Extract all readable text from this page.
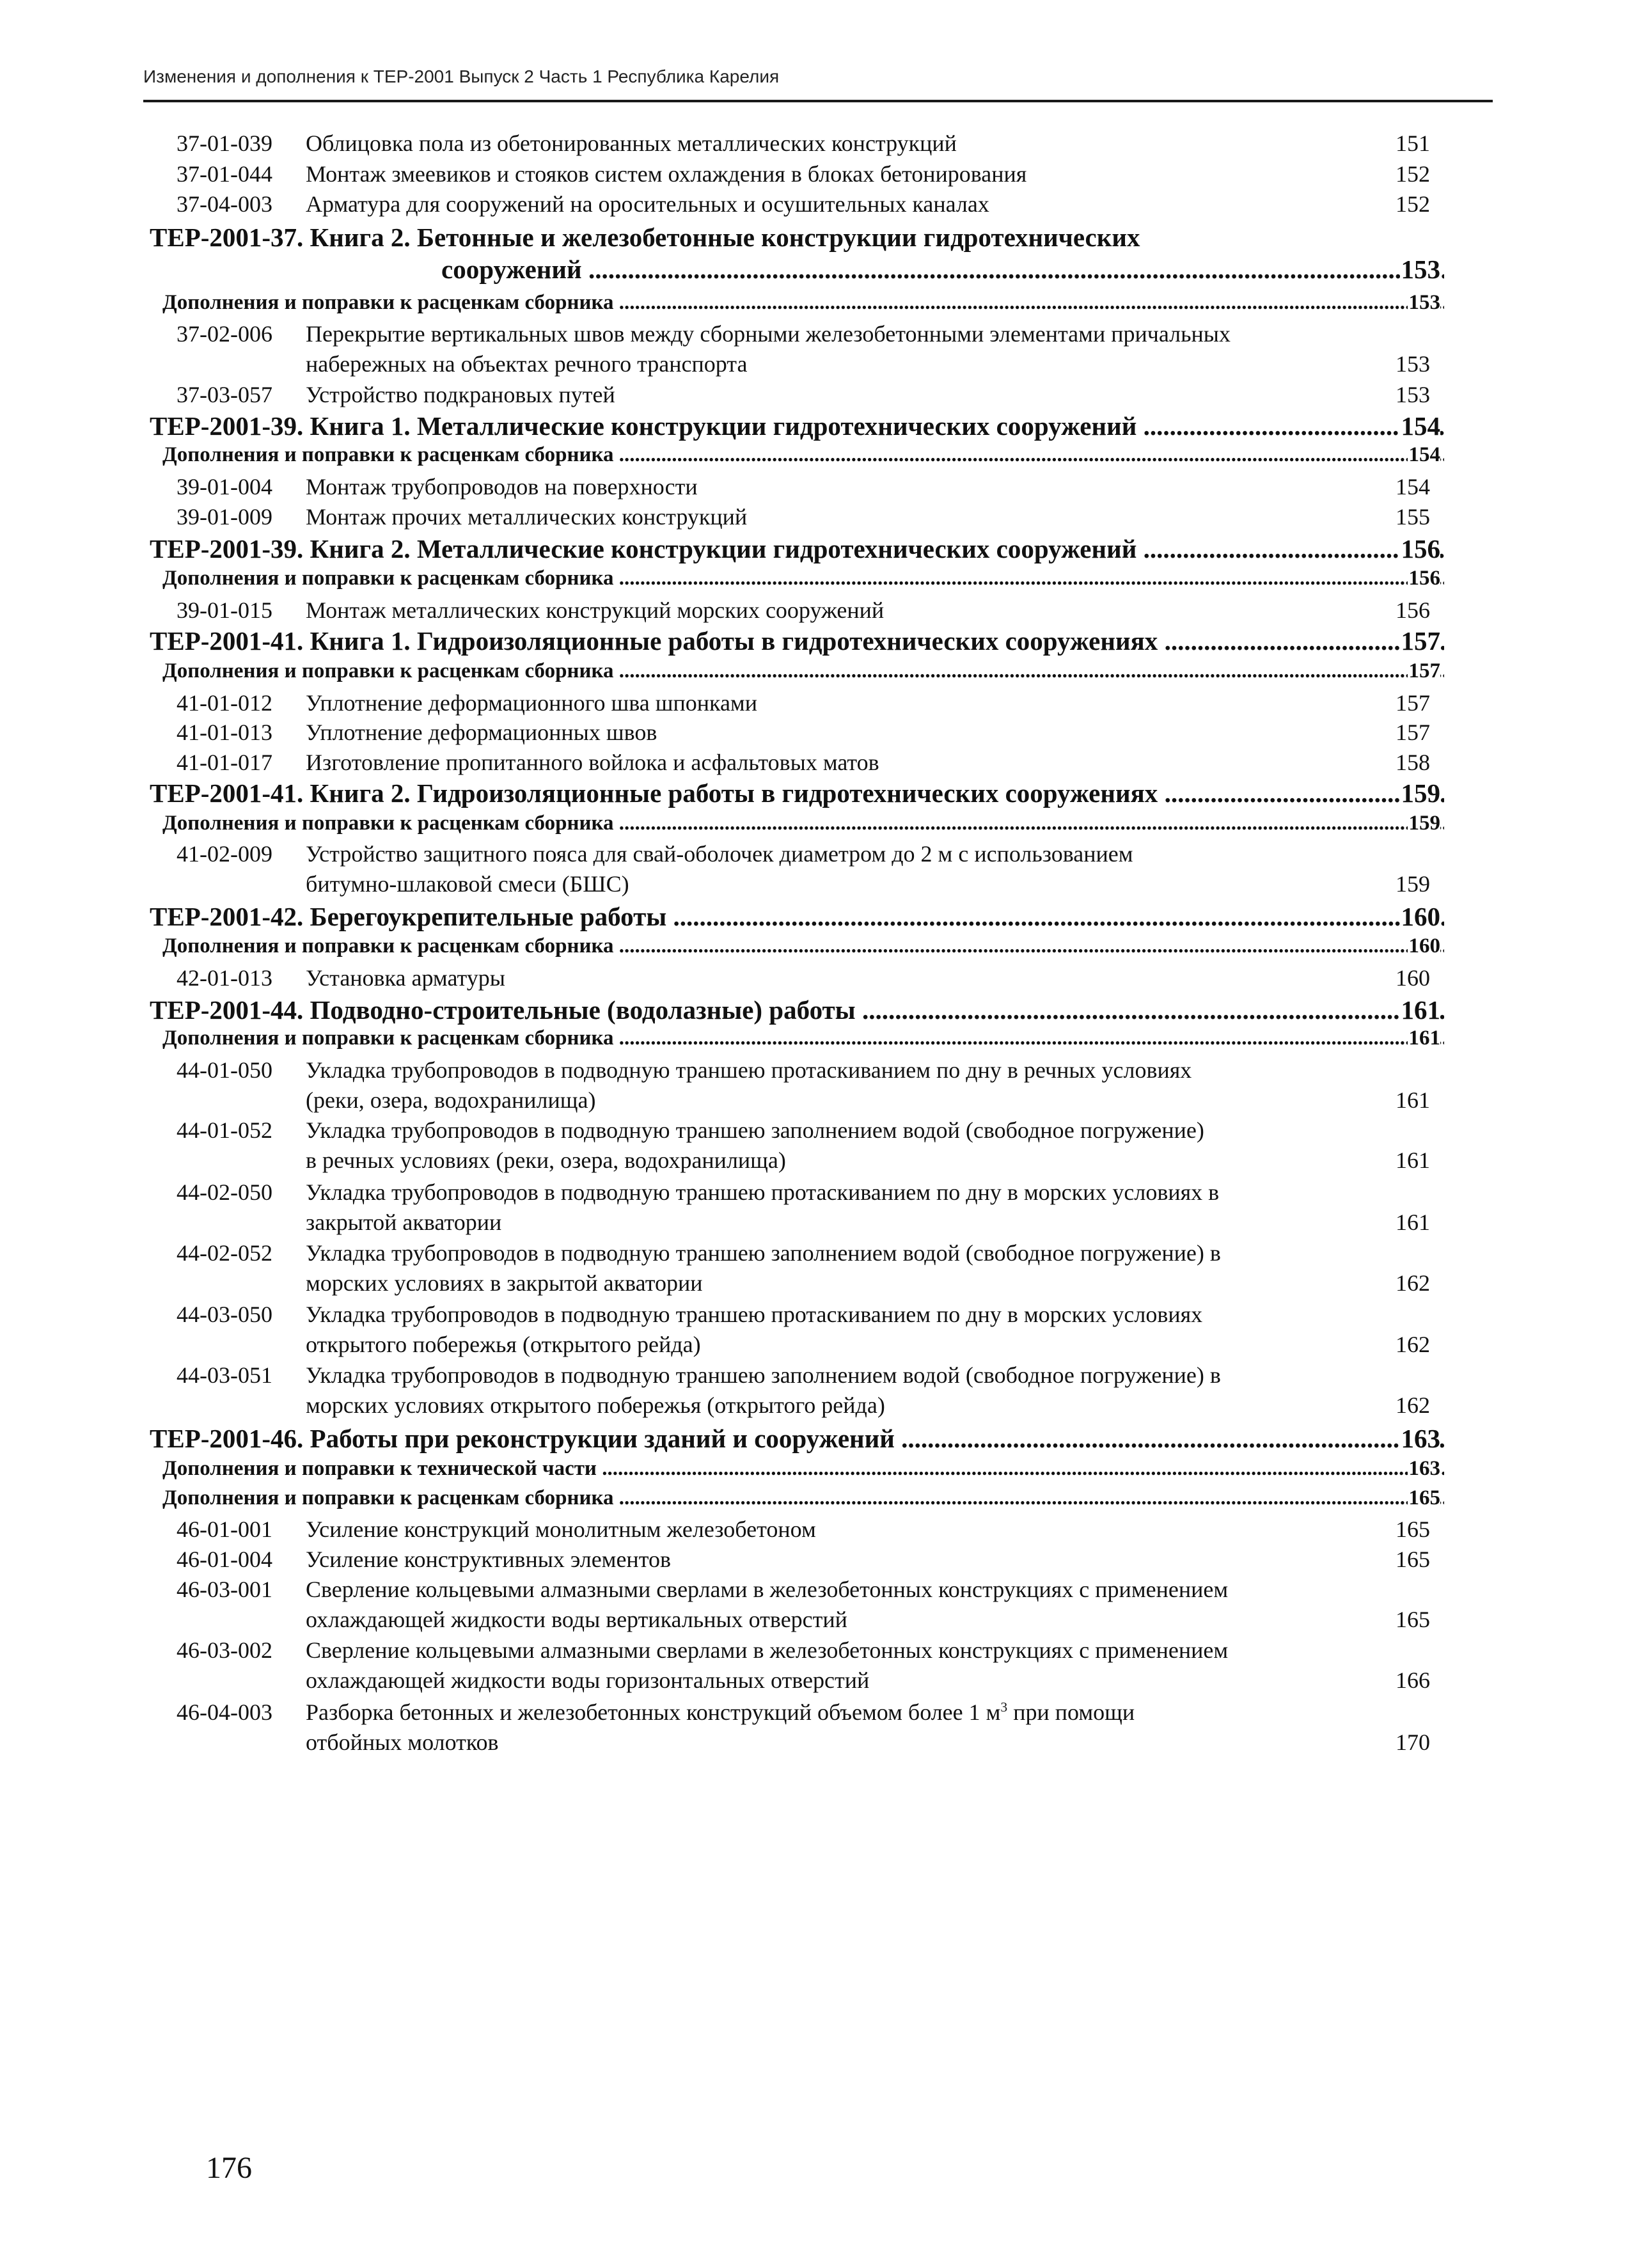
Изменения и дополнения к ТЕР-2001 Выпуск 2 Часть 1 Республика Карелия
37-01-039 Облицовка пола из обетонированных металлических конструкций	151
37-01-044 Монтаж змеевиков и стояков систем охлаждения в блоках бетонирования	152
37-04-003 Арматура для сооружений на оросительных и осушительных каналах	152
ТЕР-2001-37. Книга 2. Бетонные и железобетонные конструкции гидротехнических
сооружений .....	153
Дополнения и поправки к расценкам сборника .....	153
37-02-006 Перекрытие вертикальных швов между сборными железобетонными элементами причальных
набережных на объектах речного транспорта	153
37-03-057 Устройство подкрановых путей	153
ТЕР-2001-39. Книга 1. Металлические конструкции гидротехнических сооружений .....	154
Дополнения и пoправки к расценкам сборника .....	154
39-01-004 Монтаж трубопроводов на поверхности	154
39-01-009 Монтаж прочих металлических конструкций	155
ТЕР-2001-39. Книга 2. Металлические конструкции гидротехнических сооружений .....	156
Дополнения и поправки к расценкам сборника .....	156
39-01-015 Монтаж металлических конструкций морских сооружений	156
ТЕР-2001-41. Книга 1. Гидроизоляционные работы в гидротехнических сооружениях .....	157
Дополнения и поправки к расценкам сборника .....	157
41-01-012 Уплотнение деформационного шва шпонками	157
41-01-013 Уплотнение деформационных швов	157
41-01-017 Изготовление пропитанного войлока и асфальтовых матов	158
ТЕР-2001-41. Книга 2. Гидроизоляционные работы в гидротехнических сооружениях .....	159
Дополнения и поправки к расценкам сборника .....	159
41-02-009 Устройство защитного пояса для свай-оболочек диаметром до 2 м с использованием
битумно-шлаковой смеси (БШС)	159
ТЕР-2001-42. Берегоукрепительные работы .....	160
Дополнения и поправки к расценкам сборника .....	160
42-01-013 Установка арматуры	160
ТЕР-2001-44. Подводно-строительные (водолазные) работы .....	161
Дополнения и поправки к расценкам сборника .....	161
44-01-050 Укладка трубопроводов в подводную траншею протаскиванием по дну в речных условиях
(реки, озера, водохранилища)	161
44-01-052 Укладка трубопроводов в подводную траншею заполнением водой (свободное погружение)
в речных условиях (реки, озера, водохранилища)	161
44-02-050 Укладка трубопроводов в подводную траншею протаскиванием по дну в морских условиях в
закрытой акватории	161
44-02-052 Укладка трубопроводов в подводную траншею заполнением водой (свободное погружение) в
морских условиях в закрытой акватории	162
44-03-050 Укладка трубопроводов в подводную траншею протаскиванием по дну в морских условиях
открытого побережья (открытого рейда)	162
44-03-051 Укладка трубопроводов в подводную траншею заполнением водой (свободное погружение) в
морских условиях открытого побережья (открытого рейда)	162
ТЕР-2001-46. Работы при реконструкции зданий и сооружений .....	163
Дополнения и поправки к технической части .....	163
Дополнения и поправки к расценкам сборника .....	165
46-01-001 Усиление конструкций монолитным железобетоном	165
46-01-004 Усиление конструктивных элементов	165
46-03-001 Сверление кольцевыми алмазными сверлами в железобетонных конструкциях с применением
охлаждающей жидкости воды вертикальных отверстий	165
46-03-002 Сверление кольцевыми алмазными сверлами в железобетонных конструкциях с применением
охлаждающей жидкости воды горизонтальных отверстий	166
46-04-003 Разборка бетонных и железобетонных конструкций объемом более 1 $м^3$ при помощи
отбойных молотков	170
176
